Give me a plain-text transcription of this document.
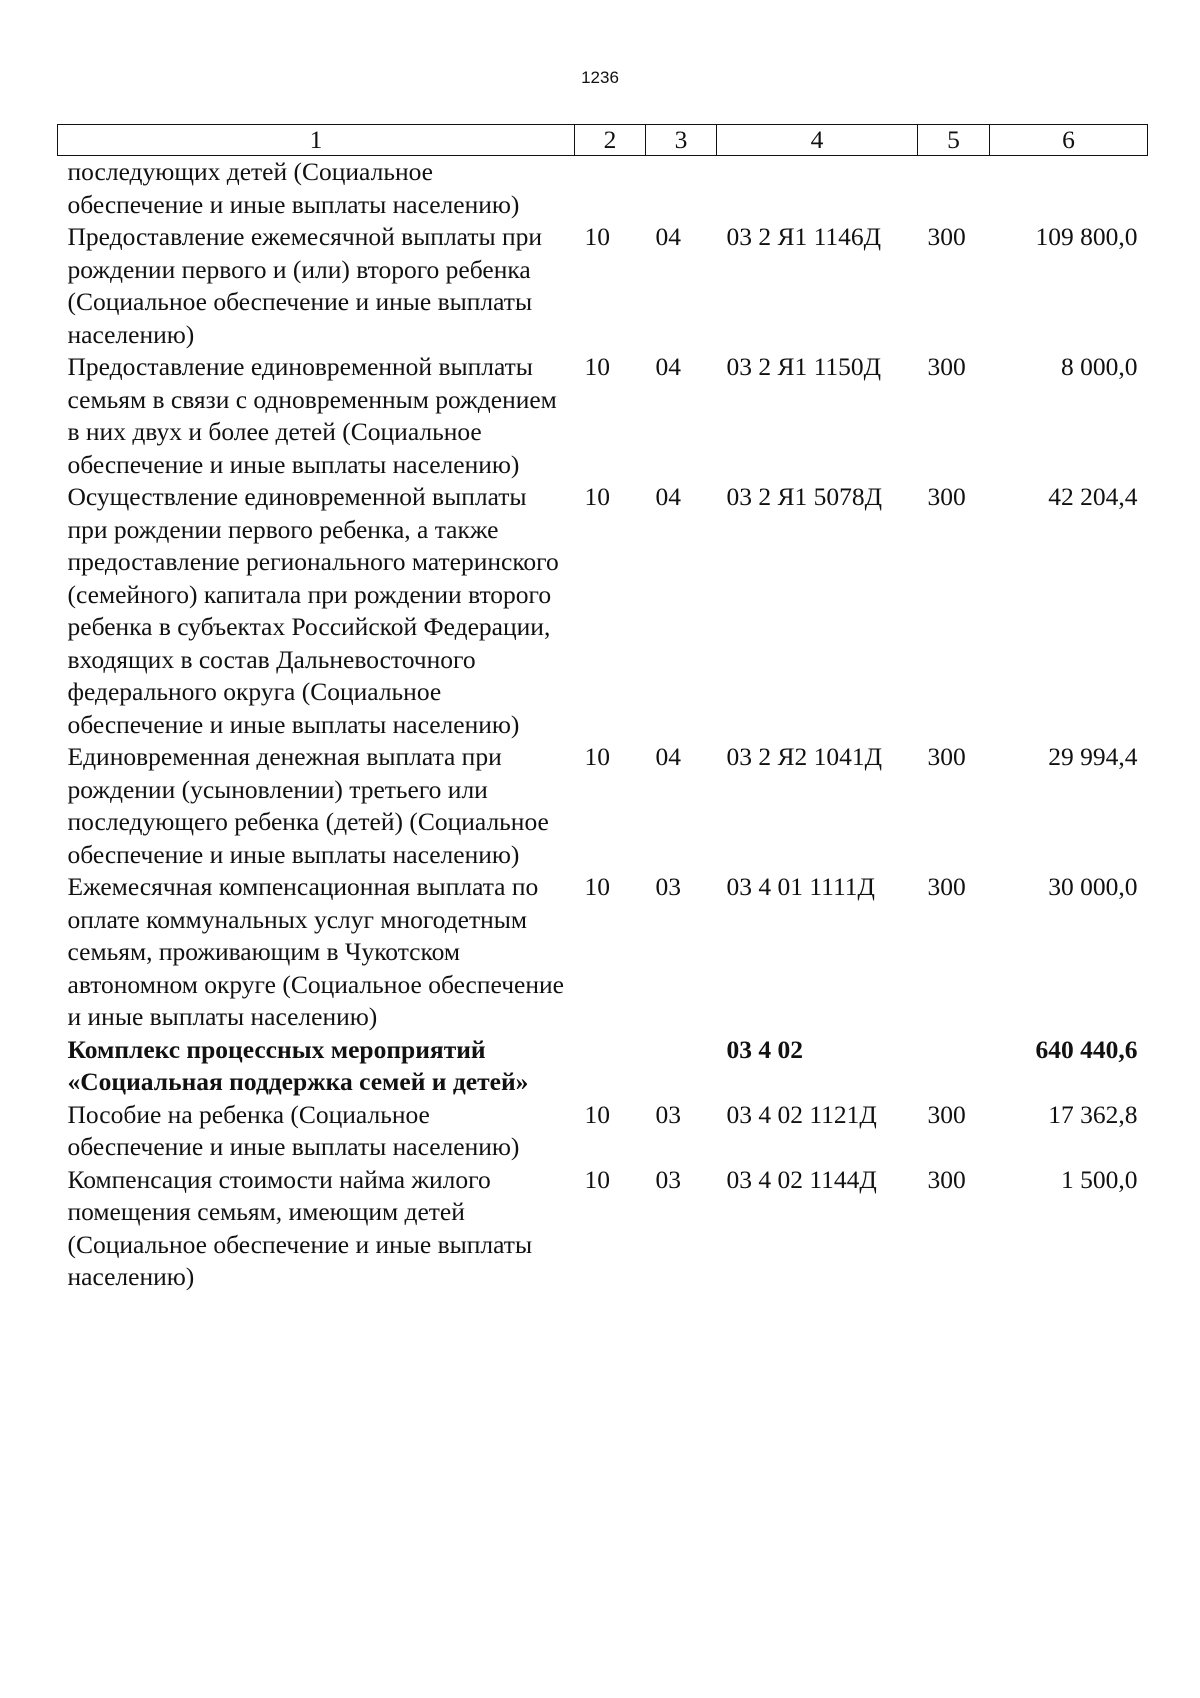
1236
1	2	3	4	5	6
последующих детей (Социальное обеспечение и иные выплаты населению)					
Предоставление ежемесячной выплаты при рождении первого и (или) второго ребенка (Социальное обеспечение и иные выплаты населению)	10	04	03 2 Я1 1146Д	300	109 800,0
Предоставление единовременной выплаты семьям в связи с одновременным рождением в них двух и более детей (Социальное обеспечение и иные выплаты населению)	10	04	03 2 Я1 1150Д	300	8 000,0
Осуществление единовременной выплаты при рождении первого ребенка, а также предоставление регионального материнского (семейного) капитала при рождении второго ребенка в субъектах Российской Федерации, входящих в состав Дальневосточного федерального округа (Социальное обеспечение и иные выплаты населению)	10	04	03 2 Я1 5078Д	300	42 204,4
Единовременная денежная выплата при рождении (усыновлении) третьего или последующего ребенка (детей) (Социальное обеспечение и иные выплаты населению)	10	04	03 2 Я2 1041Д	300	29 994,4
Ежемесячная компенсационная выплата по оплате коммунальных услуг многодетным семьям, проживающим в Чукотском автономном округе (Социальное обеспечение и иные выплаты населению)	10	03	03 4 01 1111Д	300	30 000,0
Комплекс процессных мероприятий «Социальная поддержка семей и детей»			03 4 02		640 440,6
Пособие на ребенка (Социальное обеспечение и иные выплаты населению)	10	03	03 4 02 1121Д	300	17 362,8
Компенсация стоимости найма жилого помещения семьям, имеющим детей (Социальное обеспечение и иные выплаты населению)	10	03	03 4 02 1144Д	300	1 500,0
